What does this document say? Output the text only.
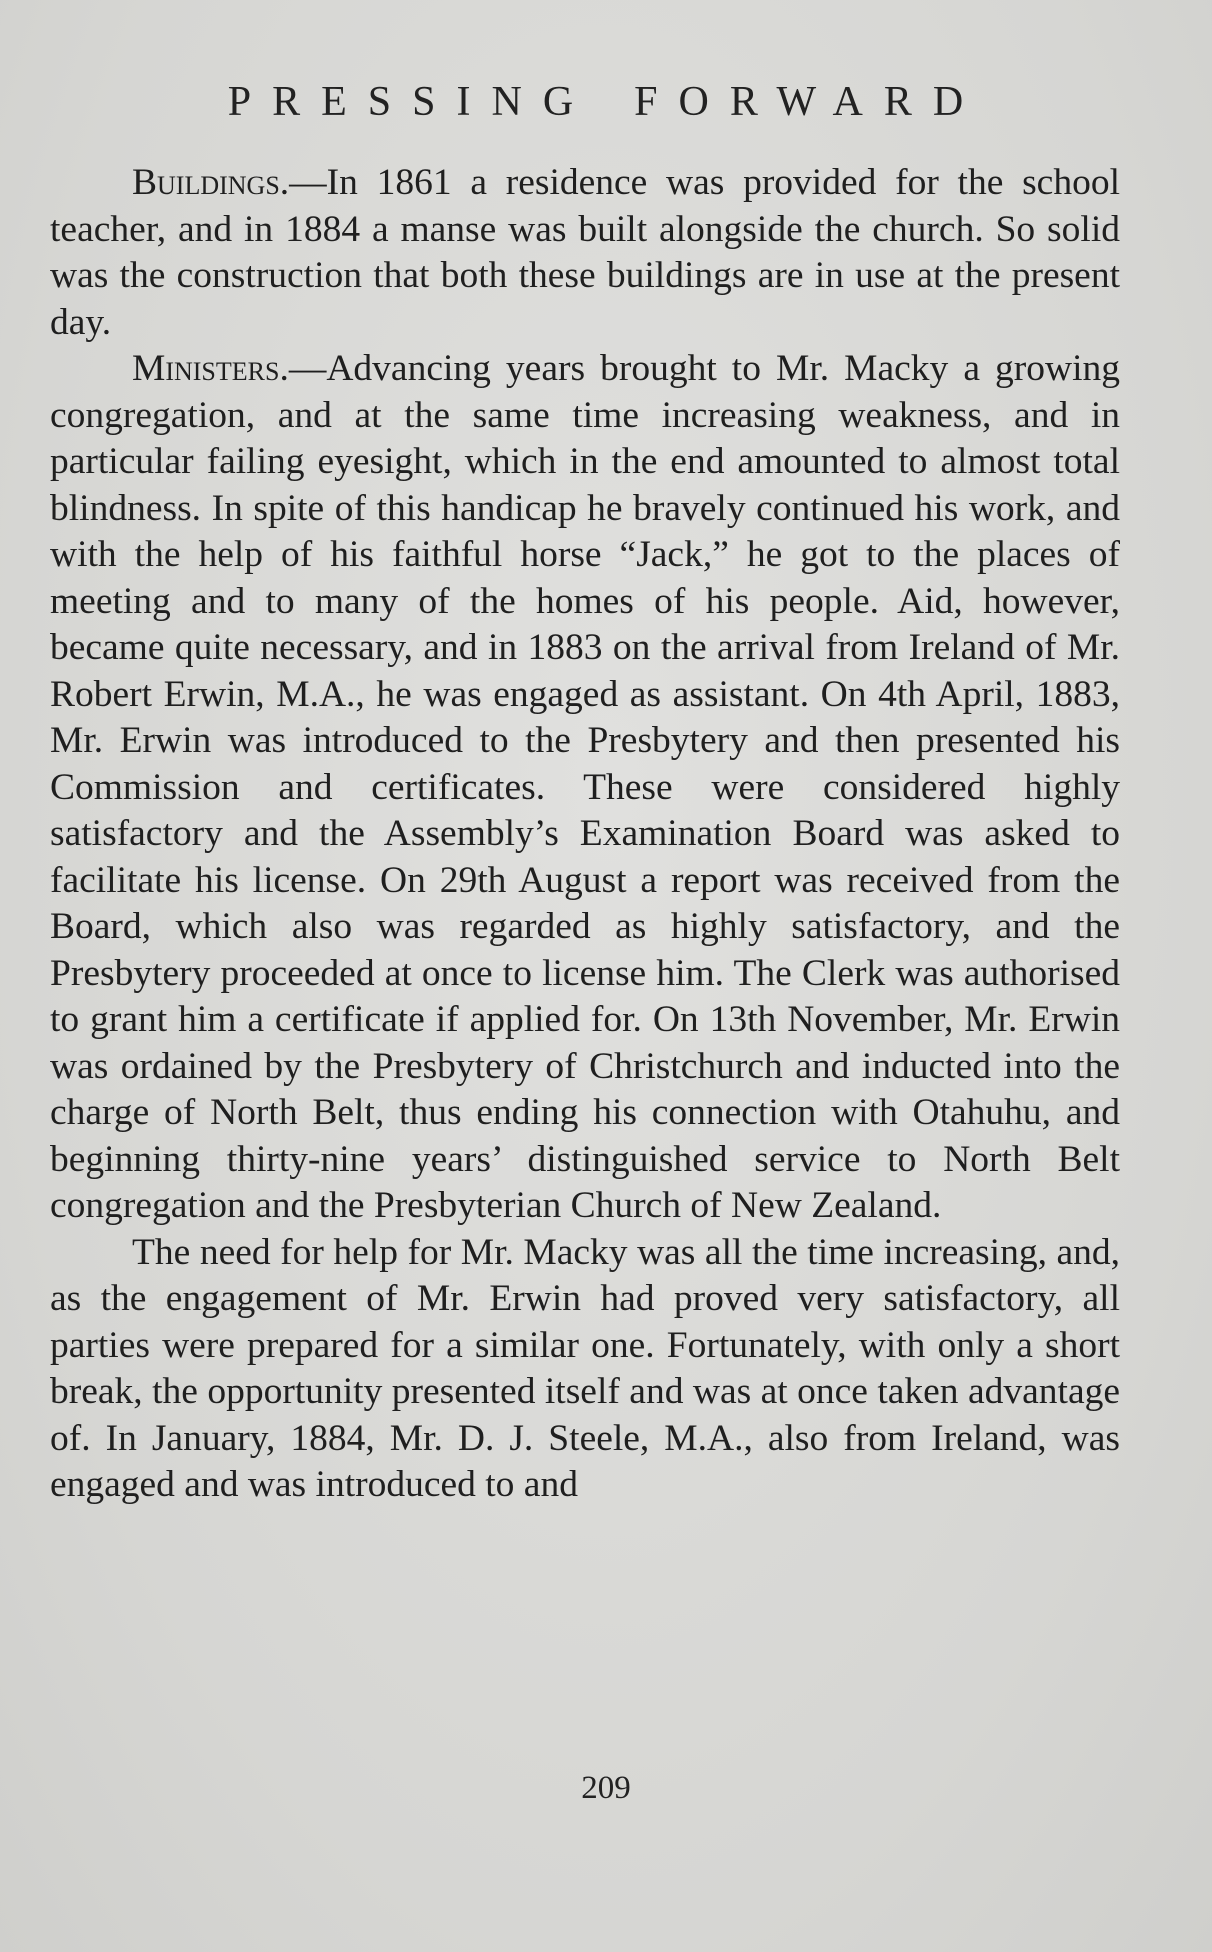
PRESSING FORWARD

Buildings.—In 1861 a residence was provided for the school teacher, and in 1884 a manse was built alongside the church. So solid was the construction that both these buildings are in use at the present day.

Ministers.—Advancing years brought to Mr. Macky a growing congregation, and at the same time increasing weakness, and in particular failing eyesight, which in the end amounted to almost total blindness. In spite of this handicap he bravely continued his work, and with the help of his faithful horse “Jack,” he got to the places of meeting and to many of the homes of his people. Aid, however, became quite necessary, and in 1883 on the arrival from Ireland of Mr. Robert Erwin, M.A., he was engaged as assistant. On 4th April, 1883, Mr. Erwin was introduced to the Presbytery and then presented his Commission and certificates. These were considered highly satisfactory and the Assembly’s Examination Board was asked to facilitate his license. On 29th August a report was received from the Board, which also was regarded as highly satisfactory, and the Presbytery proceeded at once to license him. The Clerk was authorised to grant him a certificate if applied for. On 13th November, Mr. Erwin was ordained by the Presbytery of Christchurch and inducted into the charge of North Belt, thus ending his connection with Otahuhu, and beginning thirty-nine years’ distinguished service to North Belt congregation and the Presbyterian Church of New Zealand.

The need for help for Mr. Macky was all the time increasing, and, as the engagement of Mr. Erwin had proved very satisfactory, all parties were prepared for a similar one. Fortunately, with only a short break, the opportunity presented itself and was at once taken advantage of. In January, 1884, Mr. D. J. Steele, M.A., also from Ireland, was engaged and was introduced to and

209
